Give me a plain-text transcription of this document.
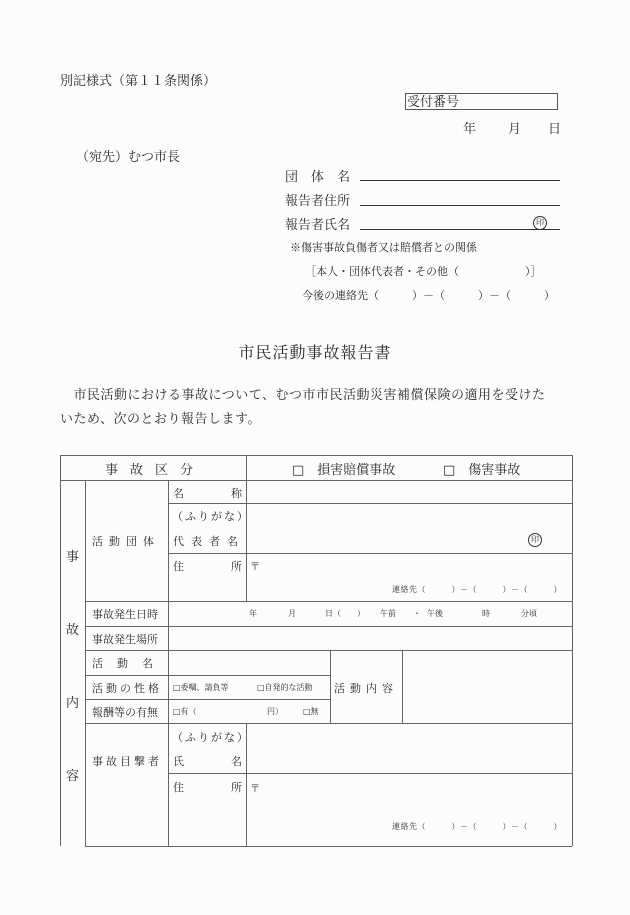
別記様式（第１１条関係）
受付番号
年 月 日
（宛先）むつ市長
団　体　名
報告者住所
報告者氏名	印
※傷害事故負傷者又は賠償者との関係
［本人・団体代表者・その他（　　　　　　）］
今後の連絡先（　　　）－（　　　）－（　　　）
市民活動事故報告書
　市民活動における事故について、むつ市市民活動災害補償保険の適用を受けた
いため、次のとおり報告します。
事故区分	□　損害賠償事故	□　傷害事故
事
故
内
容
活動団体
名	称
（ふりがな）
代表者名	印
住	所 〒
連絡先（　　　）－（　　　）－（　　　）
事故発生日時	年	月	日（　　） 午前 ・ 午後	時	分頃
事故発生場所
活動名
活動の性格 □委嘱、請負等	□自発的な活動
報酬等の有無 □有（	円）	□無
活動内容
事故目撃者
（ふりがな）
氏	名
住	所 〒
連絡先（　　　）－（　　　）－（　　　）
